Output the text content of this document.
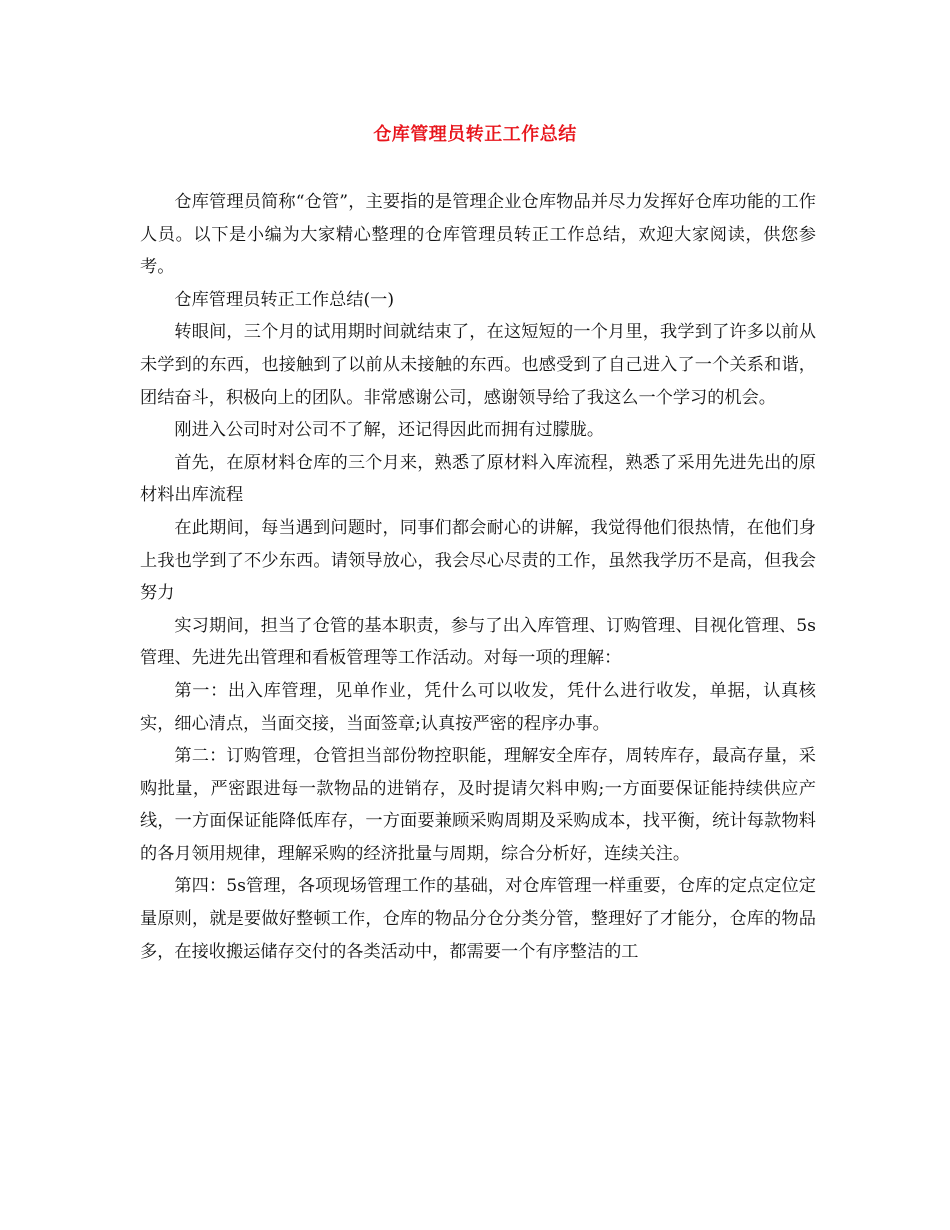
仓库管理员转正工作总结

仓库管理员简称“仓管”，主要指的是管理企业仓库物品并尽力发挥好仓库功能的工作人员。以下是小编为大家精心整理的仓库管理员转正工作总结，欢迎大家阅读，供您参考。

仓库管理员转正工作总结(一)

转眼间，三个月的试用期时间就结束了，在这短短的一个月里，我学到了许多以前从未学到的东西，也接触到了以前从未接触的东西。也感受到了自己进入了一个关系和谐，团结奋斗，积极向上的团队。非常感谢公司，感谢领导给了我这么一个学习的机会。

刚进入公司时对公司不了解，还记得因此而拥有过朦胧。

首先，在原材料仓库的三个月来，熟悉了原材料入库流程，熟悉了采用先进先出的原材料出库流程

在此期间，每当遇到问题时，同事们都会耐心的讲解，我觉得他们很热情，在他们身上我也学到了不少东西。请领导放心，我会尽心尽责的工作，虽然我学历不是高，但我会努力

实习期间，担当了仓管的基本职责，参与了出入库管理、订购管理、目视化管理、5s管理、先进先出管理和看板管理等工作活动。对每一项的理解：

第一：出入库管理，见单作业，凭什么可以收发，凭什么进行收发，单据，认真核实，细心清点，当面交接，当面签章;认真按严密的程序办事。

第二：订购管理，仓管担当部份物控职能，理解安全库存，周转库存，最高存量，采购批量，严密跟进每一款物品的进销存，及时提请欠料申购;一方面要保证能持续供应产线，一方面保证能降低库存，一方面要兼顾采购周期及采购成本，找平衡，统计每款物料的各月领用规律，理解采购的经济批量与周期，综合分析好，连续关注。

第四：5s管理，各项现场管理工作的基础，对仓库管理一样重要，仓库的定点定位定量原则，就是要做好整顿工作，仓库的物品分仓分类分管，整理好了才能分，仓库的物品多，在接收搬运储存交付的各类活动中，都需要一个有序整洁的工
